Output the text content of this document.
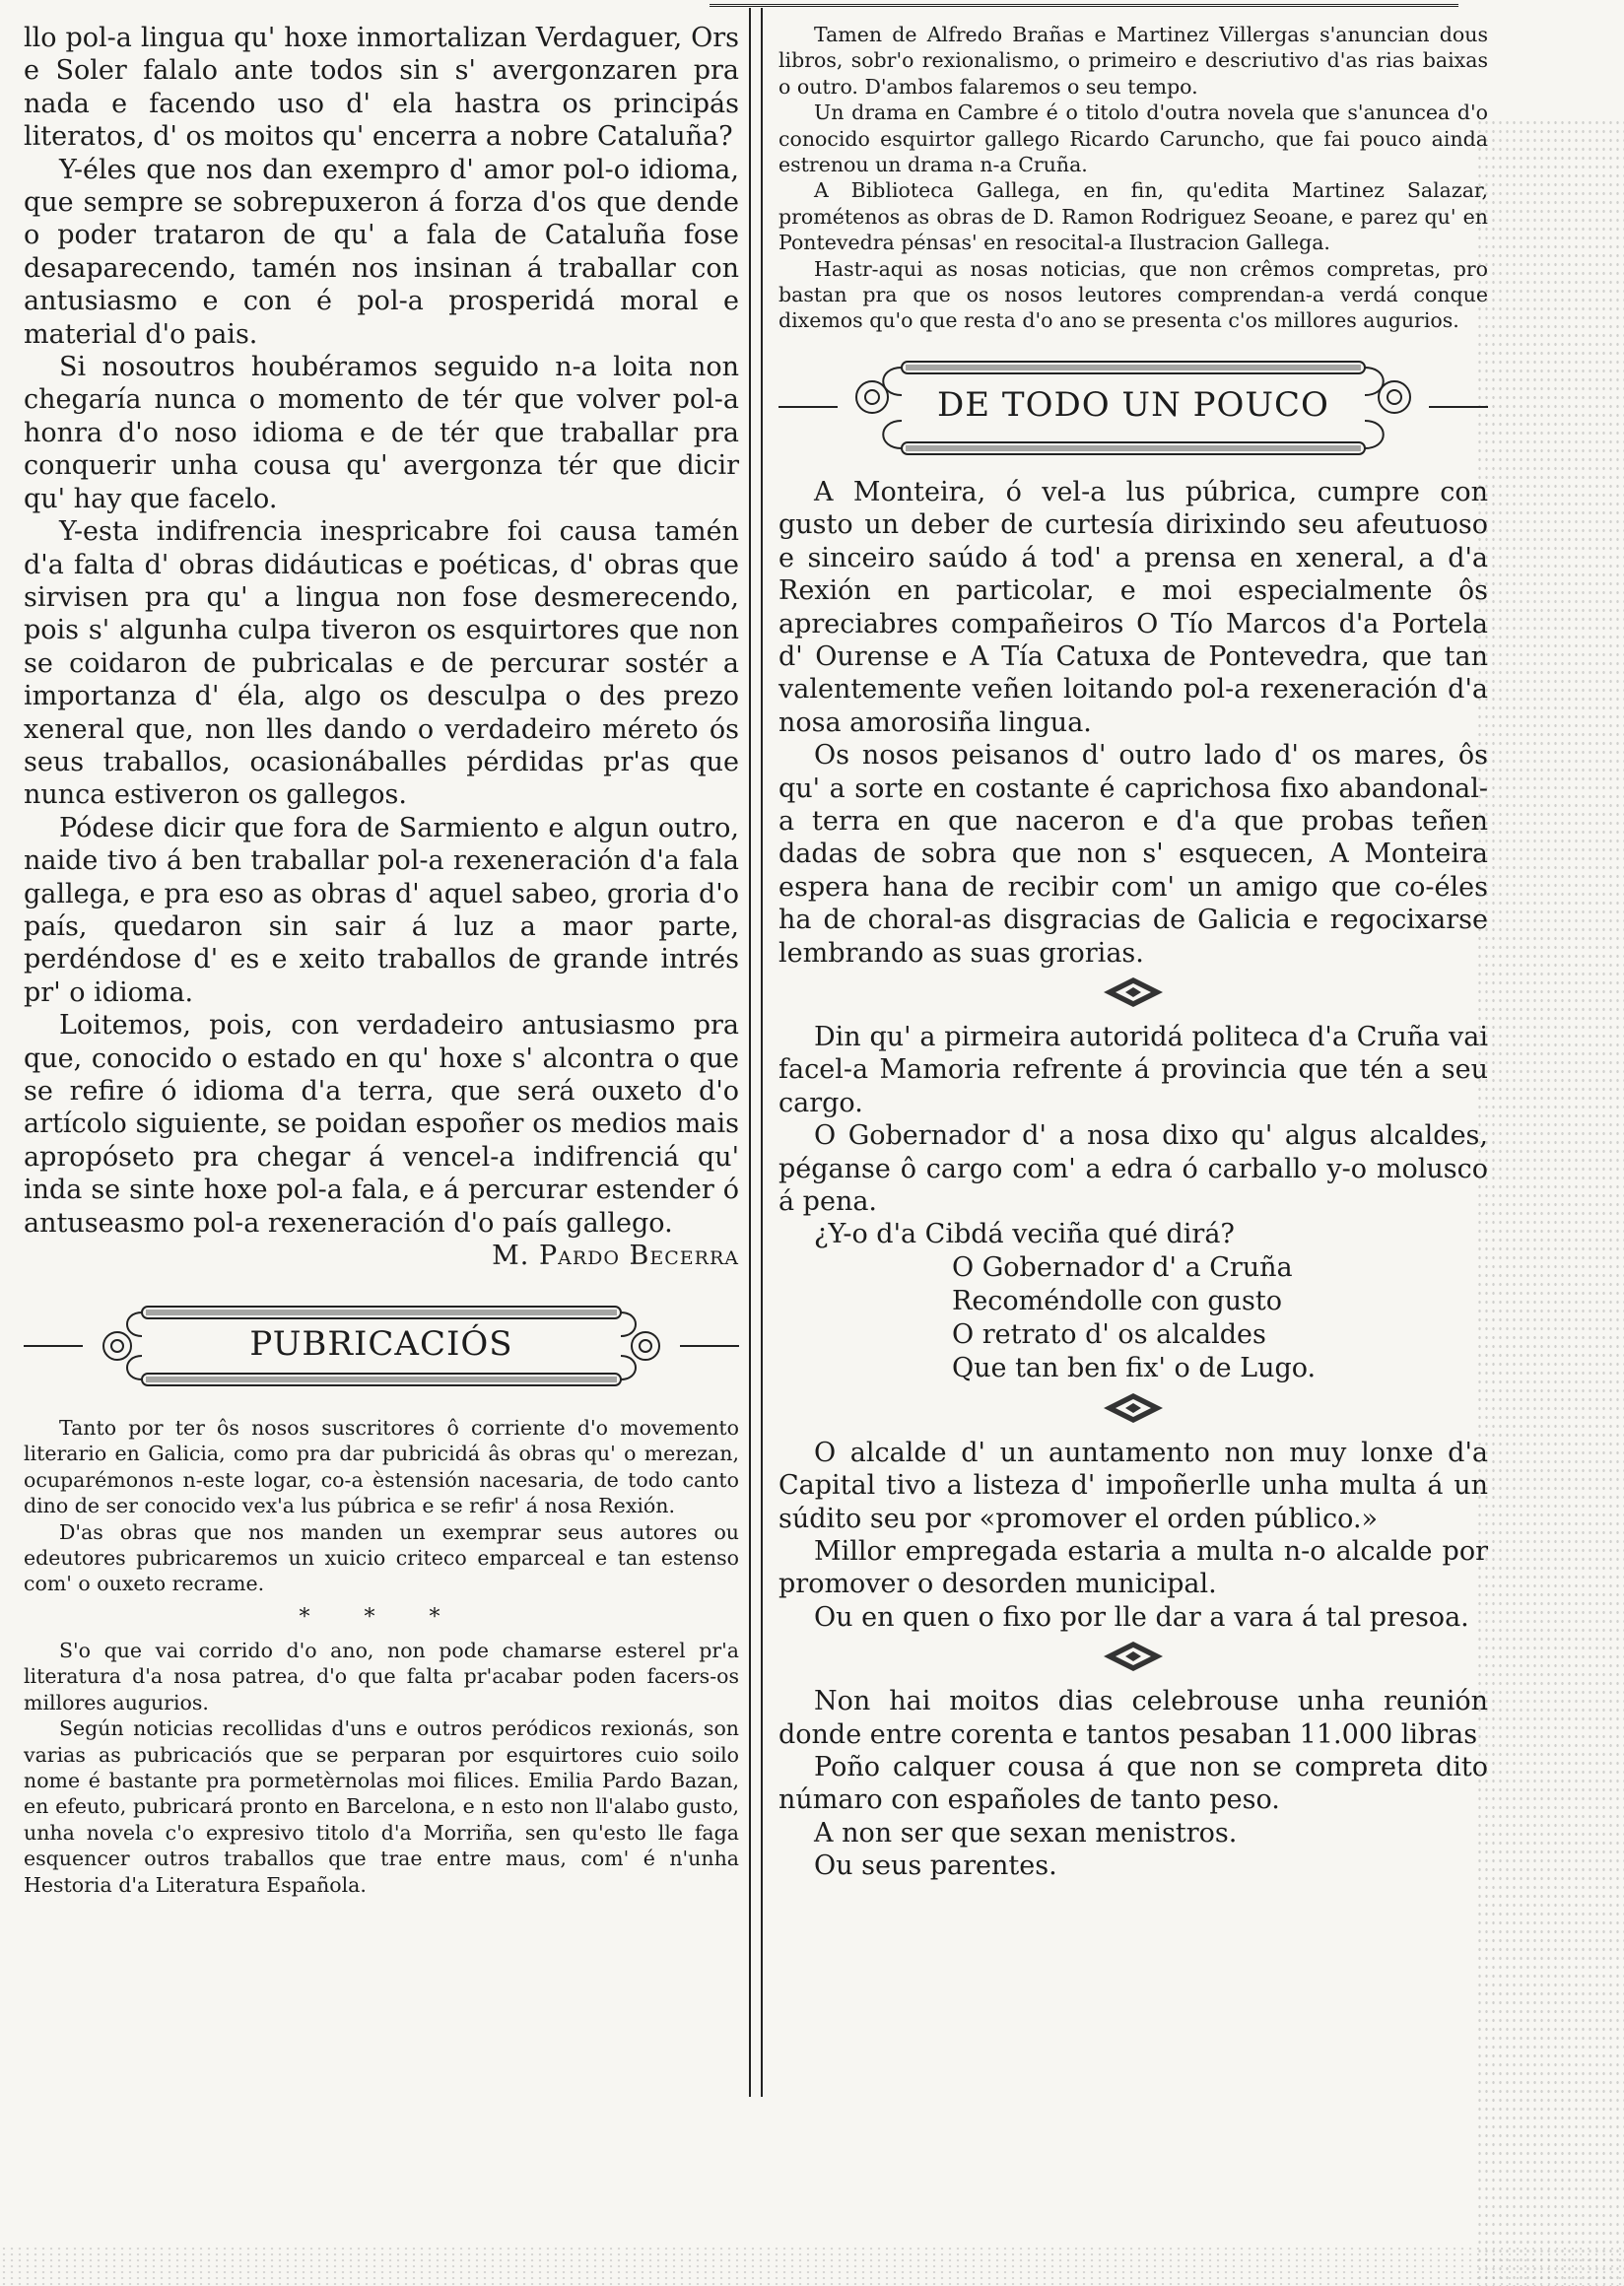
llo pol-a lingua qu' hoxe inmortalizan Verdaguer, Ors e Soler falalo ante todos sin s' avergonzaren pra nada e facendo uso d' ela hastra os principás literatos, d' os moitos qu' encerra a nobre Cataluña?

Y-éles que nos dan exempro d' amor pol-o idioma, que sempre se sobrepuxeron á forza d'os que dende o poder trataron de qu' a fala de Cataluña fose desaparecendo, tamén nos insinan á traballar con antusiasmo e con é pol-a prosperidá moral e material d'o pais.

Si nosoutros houbéramos seguido n-a loita non chegaría nunca o momento de tér que volver pol-a honra d'o noso idioma e de tér que traballar pra conquerir unha cousa qu' avergonza tér que dicir qu' hay que facelo.

Y-esta indifrencia inespricabre foi causa tamén d'a falta d' obras didáuticas e poéticas, d' obras que sirvisen pra qu' a lingua non fose desmerecendo, pois s' algunha culpa tiveron os esquirtores que non se coidaron de pubricalas e de percurar sostér a importanza d' éla, algo os desculpa o des prezo xeneral que, non lles dando o verdadeiro méreto ós seus traballos, ocasionáballes pérdidas pr'as que nunca estiveron os gallegos.

Pódese dicir que fora de Sarmiento e algun outro, naide tivo á ben traballar pol-a rexeneración d'a fala gallega, e pra eso as obras d' aquel sabeo, groria d'o país, quedaron sin sair á luz a maor parte, perdéndose d' es e xeito traballos de grande intrés pr' o idioma.

Loitemos, pois, con verdadeiro antusiasmo pra que, conocido o estado en qu' hoxe s' alcontra o que se refire ó idioma d'a terra, que será ouxeto d'o artícolo siguiente, se poidan espoñer os medios mais apropóseto pra chegar á vencel-a indifrenciá qu' inda se sinte hoxe pol-a fala, e á percurar estender ó antuseasmo pol-a rexeneración d'o país gallego.

M. Pardo Becerra

PUBRICACIÓS

Tanto por ter ôs nosos suscritores ô corriente d'o movemento literario en Galicia, como pra dar pubricidá âs obras qu' o merezan, ocuparémonos n-este logar, co-a èstensión nacesaria, de todo canto dino de ser conocido vex'a lus púbrica e se refir' á nosa Rexión.

D'as obras que nos manden un exemprar seus autores ou edeutores pubricaremos un xuicio criteco emparceal e tan estenso com' o ouxeto recrame.

* * *

S'o que vai corrido d'o ano, non pode chamarse esterel pr'a literatura d'a nosa patrea, d'o que falta pr'acabar poden facers-os millores augurios.

Según noticias recollidas d'uns e outros peródicos rexionás, son varias as pubricaciós que se perparan por esquirtores cuio soilo nome é bastante pra pormetèrnolas moi filices. Emilia Pardo Bazan, en efeuto, pubricará pronto en Barcelona, e n esto non ll'alabo gusto, unha novela c'o expresivo titolo d'a Morriña, sen qu'esto lle faga esquencer outros traballos que trae entre maus, com' é n'unha Hestoria d'a Literatura Española.

Tamen de Alfredo Brañas e Martinez Villergas s'anuncian dous libros, sobr'o rexionalismo, o primeiro e descriutivo d'as rias baixas o outro. D'ambos falaremos o seu tempo.

Un drama en Cambre é o titolo d'outra novela que s'anuncea d'o conocido esquirtor gallego Ricardo Caruncho, que fai pouco ainda estrenou un drama n-a Cruña.

A Biblioteca Gallega, en fin, qu'edita Martinez Salazar, prométenos as obras de D. Ramon Rodriguez Seoane, e parez qu' en Pontevedra pénsas' en resocital-a Ilustracion Gallega.

Hastr-aqui as nosas noticias, que non crêmos compretas, pro bastan pra que os nosos leutores comprendan-a verdá conque dixemos qu'o que resta d'o ano se presenta c'os millores augurios.

DE TODO UN POUCO

A Monteira, ó vel-a lus púbrica, cumpre con gusto un deber de curtesía dirixindo seu afeutuoso e sinceiro saúdo á tod' a prensa en xeneral, a d'a Rexión en particolar, e moi especialmente ôs apreciabres compañeiros O Tío Marcos d'a Portela d' Ourense e A Tía Catuxa de Pontevedra, que tan valentemente veñen loitando pol-a rexeneración d'a nosa amorosiña lingua.

Os nosos peisanos d' outro lado d' os mares, ôs qu' a sorte en costante é caprichosa fixo abandonal-a terra en que naceron e d'a que probas teñen dadas de sobra que non s' esquecen, A Monteira espera hana de recibir com' un amigo que co-éles ha de choral-as disgracias de Galicia e regocixarse lembrando as suas grorias.

Din qu' a pirmeira autoridá politeca d'a Cruña vai facel-a Mamoria refrente á provincia que tén a seu cargo.

O Gobernador d' a nosa dixo qu' algus alcaldes, péganse ô cargo com' a edra ó carballo y-o molusco á pena.

¿Y-o d'a Cibdá veciña qué dirá?

O Gobernador d' a Cruña

Recoméndolle con gusto

O retrato d' os alcaldes

Que tan ben fix' o de Lugo.

O alcalde d' un auntamento non muy lonxe d'a Capital tivo a listeza d' impoñerlle unha multa á un súdito seu por «promover el orden público.»

Millor empregada estaria a multa n-o alcalde por promover o desorden municipal.

Ou en quen o fixo por lle dar a vara á tal presoa.

Non hai moitos dias celebrouse unha reunión donde entre corenta e tantos pesaban 11.000 libras

Poño calquer cousa á que non se compreta dito númaro con españoles de tanto peso.

A non ser que sexan menistros.

Ou seus parentes.
